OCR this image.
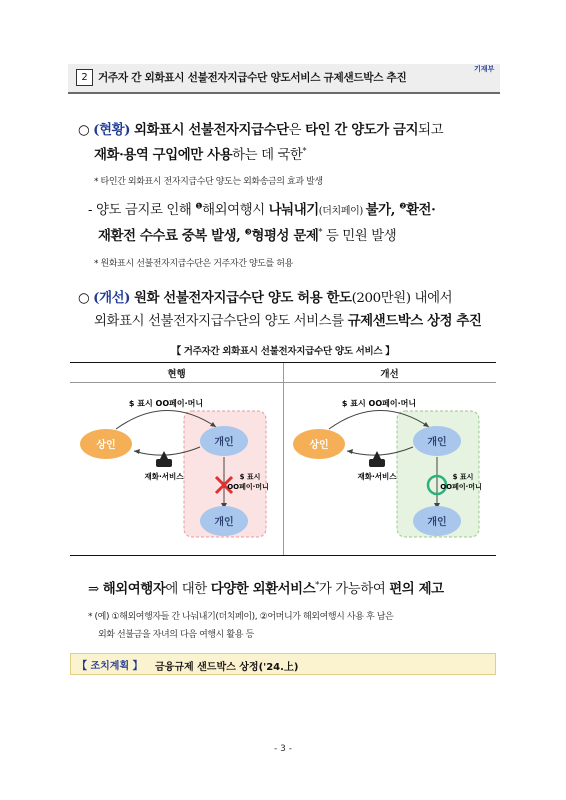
2 거주자 간 외화표시 선불전자지급수단 양도서비스 규제샌드박스 추진
기재부
○ (현황) 외화표시 선불전자지급수단은 타인 간 양도가 금지되고
재화·용역 구입에만 사용하는 데 국한*
* 타인간 외화표시 전자지급수단 양도는 외화송금의 효과 발생
- 양도 금지로 인해 $^❶$해외여행시 나눠내기(더치페이) 불가, $^❷$환전·
재환전 수수료 중복 발생, $^❸$형평성 문제* 등 민원 발생
* 원화표시 선불전자지급수단은 거주자간 양도를 허용
○ (개선) 원화 선불전자지급수단 양도 허용 한도(200만원) 내에서
외화표시 선불전자지급수단의 양도 서비스를 규제샌드박스 상정 추진
【 거주자간 외화표시 선불전자지급수단 양도 서비스 】
현행	개선
$ 표시 OO페이·머니
상인	개인
재화·서비스	$ 표시
OO페이·머니
개인
$ 표시 OO페이·머니
상인	개인
재화·서비스	$ 표시
OO페이·머니
개인
⇒ 해외여행자에 대한 다양한 외환서비스*가 가능하여 편의 제고
* (예) ①해외여행자들 간 나눠내기(더치페이), ②어머니가 해외여행시 사용 후 남은
외화 선불금을 자녀의 다음 여행시 활용 등
【 조치계획 】 금융규제 샌드박스 상정('24.上)
- 3 -
